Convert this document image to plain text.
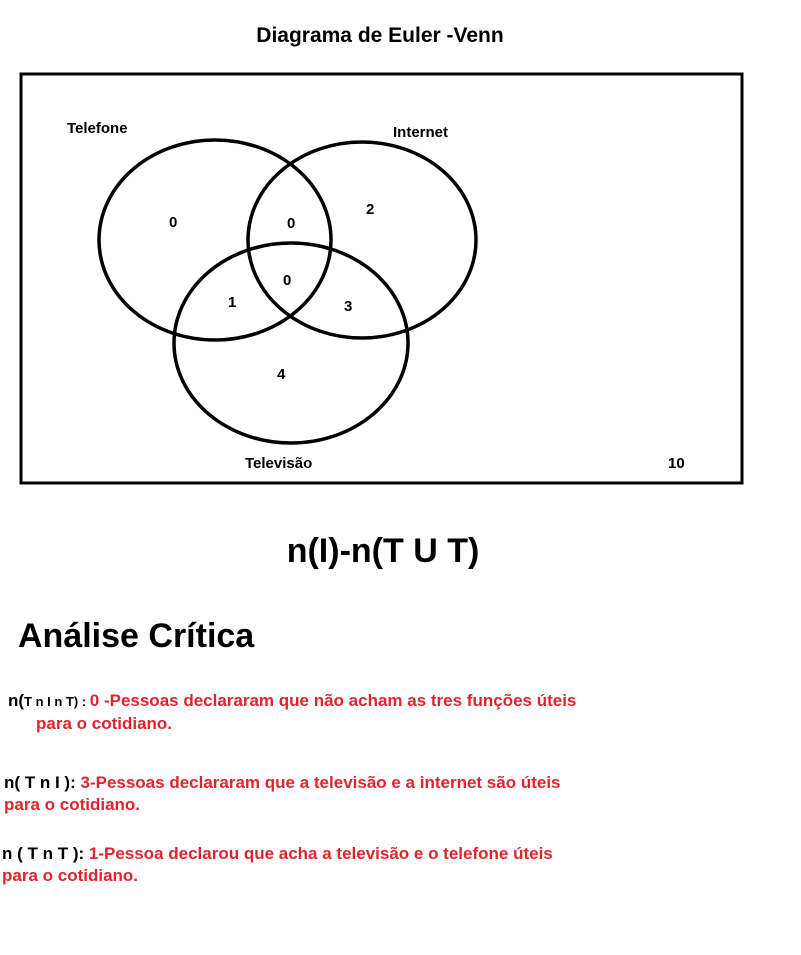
Diagrama de Euler -Venn
Telefone	Internet
Televisão
0	0
2
1
0
3
4
10
n(I)-n(T U T)
Análise Crítica
n(T n I n T) : 0 -Pessoas declararam que não acham as tres funções úteis
para o cotidiano.
n( T n I ): 3-Pessoas declararam que a televisão e a internet são úteis
para o cotidiano.
n ( T n T ): 1-Pessoa declarou que acha a televisão e o telefone úteis
para o cotidiano.
